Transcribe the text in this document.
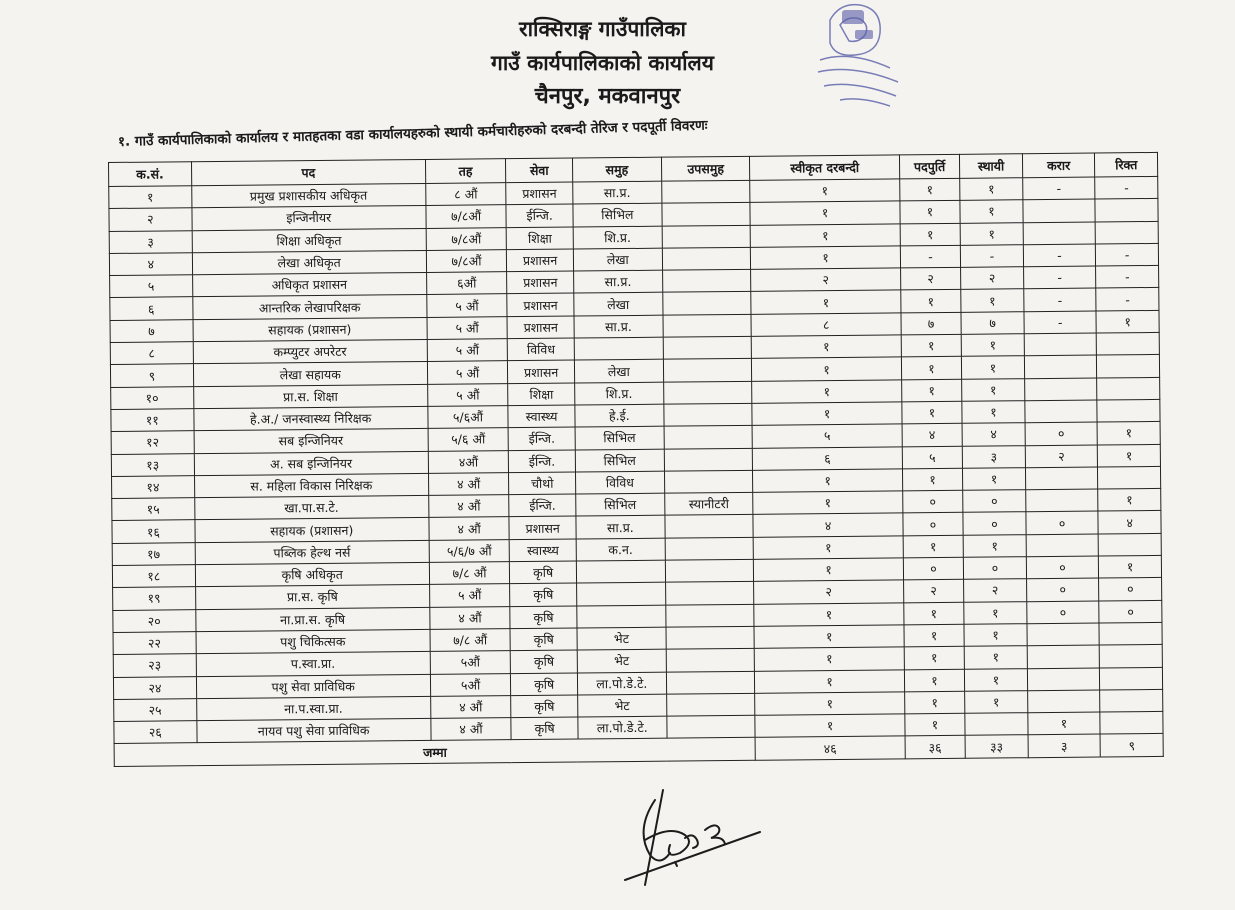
राक्सिराङ्ग गाउँपालिका
गाउँ कार्यपालिकाको कार्यालय
चैनपुर, मकवानपुर
१. गाउँ कार्यपालिकाको कार्यालय र मातहतका वडा कार्यालयहरुको स्थायी कर्मचारीहरुको दरबन्दी तेरिज र पदपूर्ती विवरणः
क.सं.	पद	तह	सेवा	समुह	उपसमुह	स्वीकृत दरबन्दी	पदपुर्ति	स्थायी	करार	रिक्त
१	प्रमुख प्रशासकीय अधिकृत	८ औं	प्रशासन	सा.प्र.		१	१	१	-	-
२	इन्जिनीयर	७/८औं	ईन्जि.	सिभिल		१	१	१		
३	शिक्षा अधिकृत	७/८औं	शिक्षा	शि.प्र.		१	१	१		
४	लेखा अधिकृत	७/८औं	प्रशासन	लेखा		१	-	-	-	-
५	अधिकृत प्रशासन	६औं	प्रशासन	सा.प्र.		२	२	२	-	-
६	आन्तरिक लेखापरिक्षक	५ औं	प्रशासन	लेखा		१	१	१	-	-
७	सहायक (प्रशासन)	५ औं	प्रशासन	सा.प्र.		८	७	७	-	१
८	कम्प्युटर अपरेटर	५ औं	विविध			१	१	१		
९	लेखा सहायक	५ औं	प्रशासन	लेखा		१	१	१		
१०	प्रा.स. शिक्षा	५ औं	शिक्षा	शि.प्र.		१	१	१		
११	हे.अ./ जनस्वास्थ्य निरिक्षक	५/६औं	स्वास्थ्य	हे.ई.		१	१	१		
१२	सब इन्जिनियर	५/६ औं	ईन्जि.	सिभिल		५	४	४	०	१
१३	अ. सब इन्जिनियर	४औं	ईन्जि.	सिभिल		६	५	३	२	१
१४	स. महिला विकास निरिक्षक	४ औं	चौथो	विविध		१	१	१		
१५	खा.पा.स.टे.	४ औं	ईन्जि.	सिभिल	स्यानीटरी	१	०	०		१
१६	सहायक (प्रशासन)	४ औं	प्रशासन	सा.प्र.		४	०	०	०	४
१७	पब्लिक हेल्थ नर्स	५/६/७ औं	स्वास्थ्य	क.न.		१	१	१		
१८	कृषि अधिकृत	७/८ औं	कृषि			१	०	०	०	१
१९	प्रा.स. कृषि	५ औं	कृषि			२	२	२	०	०
२०	ना.प्रा.स. कृषि	४ औं	कृषि			१	१	१	०	०
२२	पशु चिकित्सक	७/८ औं	कृषि	भेट		१	१	१		
२३	प.स्वा.प्रा.	५औं	कृषि	भेट		१	१	१		
२४	पशु सेवा प्राविधिक	५औं	कृषि	ला.पो.डे.टे.		१	१	१		
२५	ना.प.स्वा.प्रा.	४ औं	कृषि	भेट		१	१	१		
२६	नायव पशु सेवा प्राविधिक	४ औं	कृषि	ला.पो.डे.टे.		१	१		१	
जम्मा						४६	३६	३३	३	९
